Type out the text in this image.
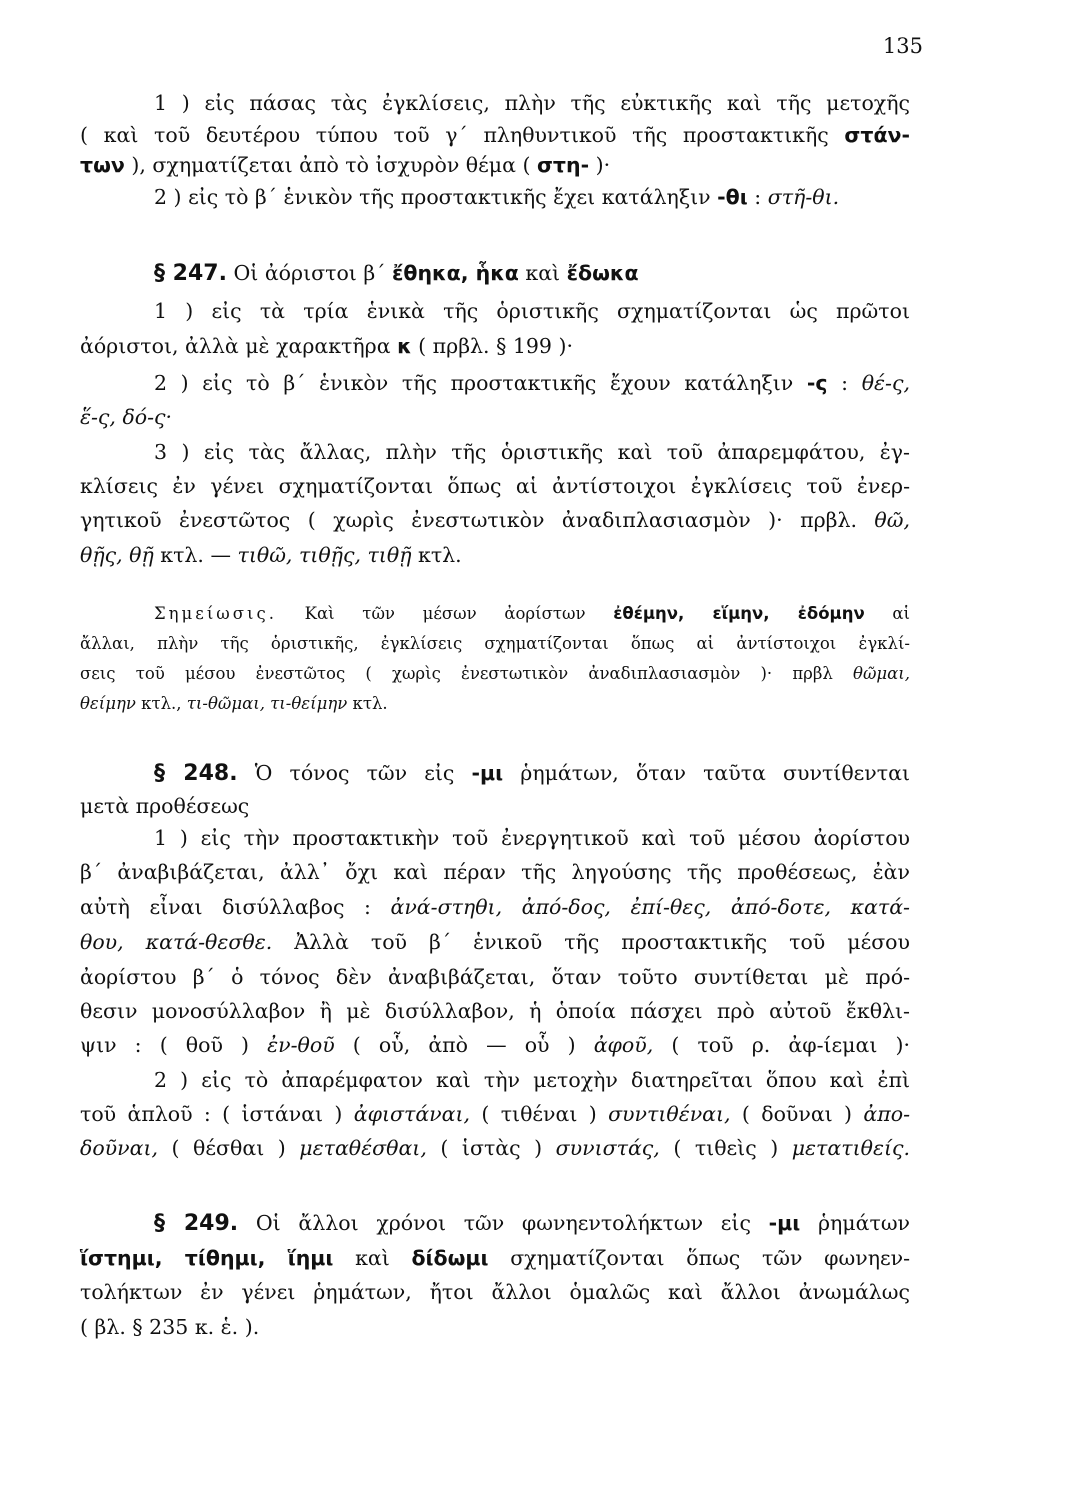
135
1 ) εἰς πάσας τὰς ἐγκλίσεις, πλὴν τῆς εὐκτικῆς καὶ τῆς μετοχῆς
( καὶ τοῦ δευτέρου τύπου τοῦ γ΄ πληθυντικοῦ τῆς προστακτικῆς στάν-
των ), σχηματίζεται ἀπὸ τὸ ἰσχυρὸν θέμα ( στη- )·
2 ) εἰς τὸ β΄ ἑνικὸν τῆς προστακτικῆς ἔχει κατάληξιν -θι : στῆ-θι.
§ 247. Οἱ ἀόριστοι β΄ ἔθηκα, ἧκα καὶ ἔδωκα
1 ) εἰς τὰ τρία ἑνικὰ τῆς ὁριστικῆς σχηματίζονται ὡς πρῶτοι
ἀόριστοι, ἀλλὰ μὲ χαρακτῆρα κ ( πρβλ. § 199 )·
2 ) εἰς τὸ β΄ ἑνικὸν τῆς προστακτικῆς ἔχουν κατάληξιν -ς : θέ-ς,
ἕ-ς, δό-ς·
3 ) εἰς τὰς ἄλλας, πλὴν τῆς ὁριστικῆς καὶ τοῦ ἀπαρεμφάτου, ἐγ-
κλίσεις ἐν γένει σχηματίζονται ὅπως αἱ ἀντίστοιχοι ἐγκλίσεις τοῦ ἐνερ-
γητικοῦ ἐνεστῶτος ( χωρὶς ἐνεστωτικὸν ἀναδιπλασιασμὸν )· πρβλ. θῶ,
θῇς, θῇ κτλ. — τιθῶ, τιθῇς, τιθῇ κτλ.
Σημείωσις. Καὶ τῶν μέσων ἀορίστων ἐθέμην, εἵμην, ἐδόμην αἱ
ἄλλαι, πλὴν τῆς ὁριστικῆς, ἐγκλίσεις σχηματίζονται ὅπως αἱ ἀντίστοιχοι ἐγκλί-
σεις τοῦ μέσου ἐνεστῶτος ( χωρὶς ἐνεστωτικὸν ἀναδιπλασιασμὸν )· πρβλ θῶμαι,
θείμην κτλ., τι-θῶμαι, τι-θείμην κτλ.
§ 248. Ὁ τόνος τῶν εἰς -μι ῥημάτων, ὅταν ταῦτα συντίθενται
μετὰ προθέσεως
1 ) εἰς τὴν προστακτικὴν τοῦ ἐνεργητικοῦ καὶ τοῦ μέσου ἀορίστου
β΄ ἀναβιβάζεται, ἀλλ᾽ ὄχι καὶ πέραν τῆς ληγούσης τῆς προθέσεως, ἐὰν
αὐτὴ εἶναι δισύλλαβος : ἀνά-στηθι, ἀπό-δος, ἐπί-θες, ἀπό-δοτε, κατά-
θου, κατά-θεσθε. Ἀλλὰ τοῦ β΄ ἑνικοῦ τῆς προστακτικῆς τοῦ μέσου
ἀορίστου β΄ ὁ τόνος δὲν ἀναβιβάζεται, ὅταν τοῦτο συντίθεται μὲ πρό-
θεσιν μονοσύλλαβον ἢ μὲ δισύλλαβον, ἡ ὁποία πάσχει πρὸ αὐτοῦ ἔκθλι-
ψιν : ( θοῦ ) ἐν-θοῦ ( οὗ, ἀπὸ — οὗ ) ἀφοῦ, ( τοῦ ρ. ἀφ-ίεμαι )·
2 ) εἰς τὸ ἀπαρέμφατον καὶ τὴν μετοχὴν διατηρεῖται ὅπου καὶ ἐπὶ
τοῦ ἁπλοῦ : ( ἱστάναι ) ἀφιστάναι, ( τιθέναι ) συντιθέναι, ( δοῦναι ) ἀπο-
δοῦναι, ( θέσθαι ) μεταθέσθαι, ( ἱστὰς ) συνιστάς, ( τιθεὶς ) μετατιθείς.
§ 249. Οἱ ἄλλοι χρόνοι τῶν φωνηεντολήκτων εἰς -μι ῥημάτων
ἵστημι, τίθημι, ἵημι καὶ δίδωμι σχηματίζονται ὅπως τῶν φωνηεν-
τολήκτων ἐν γένει ῥημάτων, ἤτοι ἄλλοι ὁμαλῶς καὶ ἄλλοι ἀνωμάλως
( βλ. § 235 κ. ἑ. ).
